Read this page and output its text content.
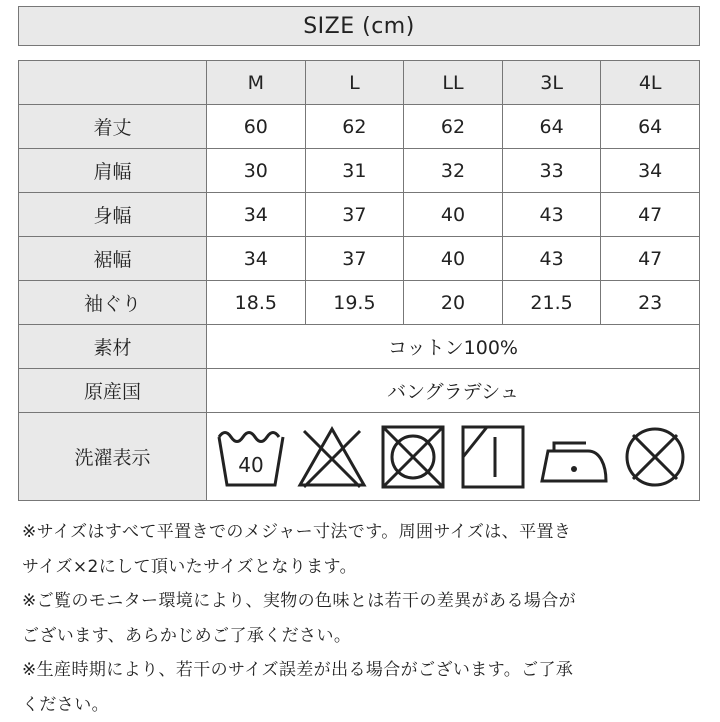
SIZE (cm)
	M	L	LL	3L	4L
着丈	60	62	62	64	64
肩幅	30	31	32	33	34
身幅	34	37	40	43	47
裾幅	34	37	40	43	47
袖ぐり	18.5	19.5	20	21.5	23
素材	コットン100%				
原産国	バングラデシュ				
洗濯表示	40				

※サイズはすべて平置きでのメジャー寸法です。周囲サイズは、平置き

サイズ×2にして頂いたサイズとなります。

※ご覧のモニター環境により、実物の色味とは若干の差異がある場合が

ございます、あらかじめご了承ください。

※生産時期により、若干のサイズ誤差が出る場合がございます。ご了承

ください。
